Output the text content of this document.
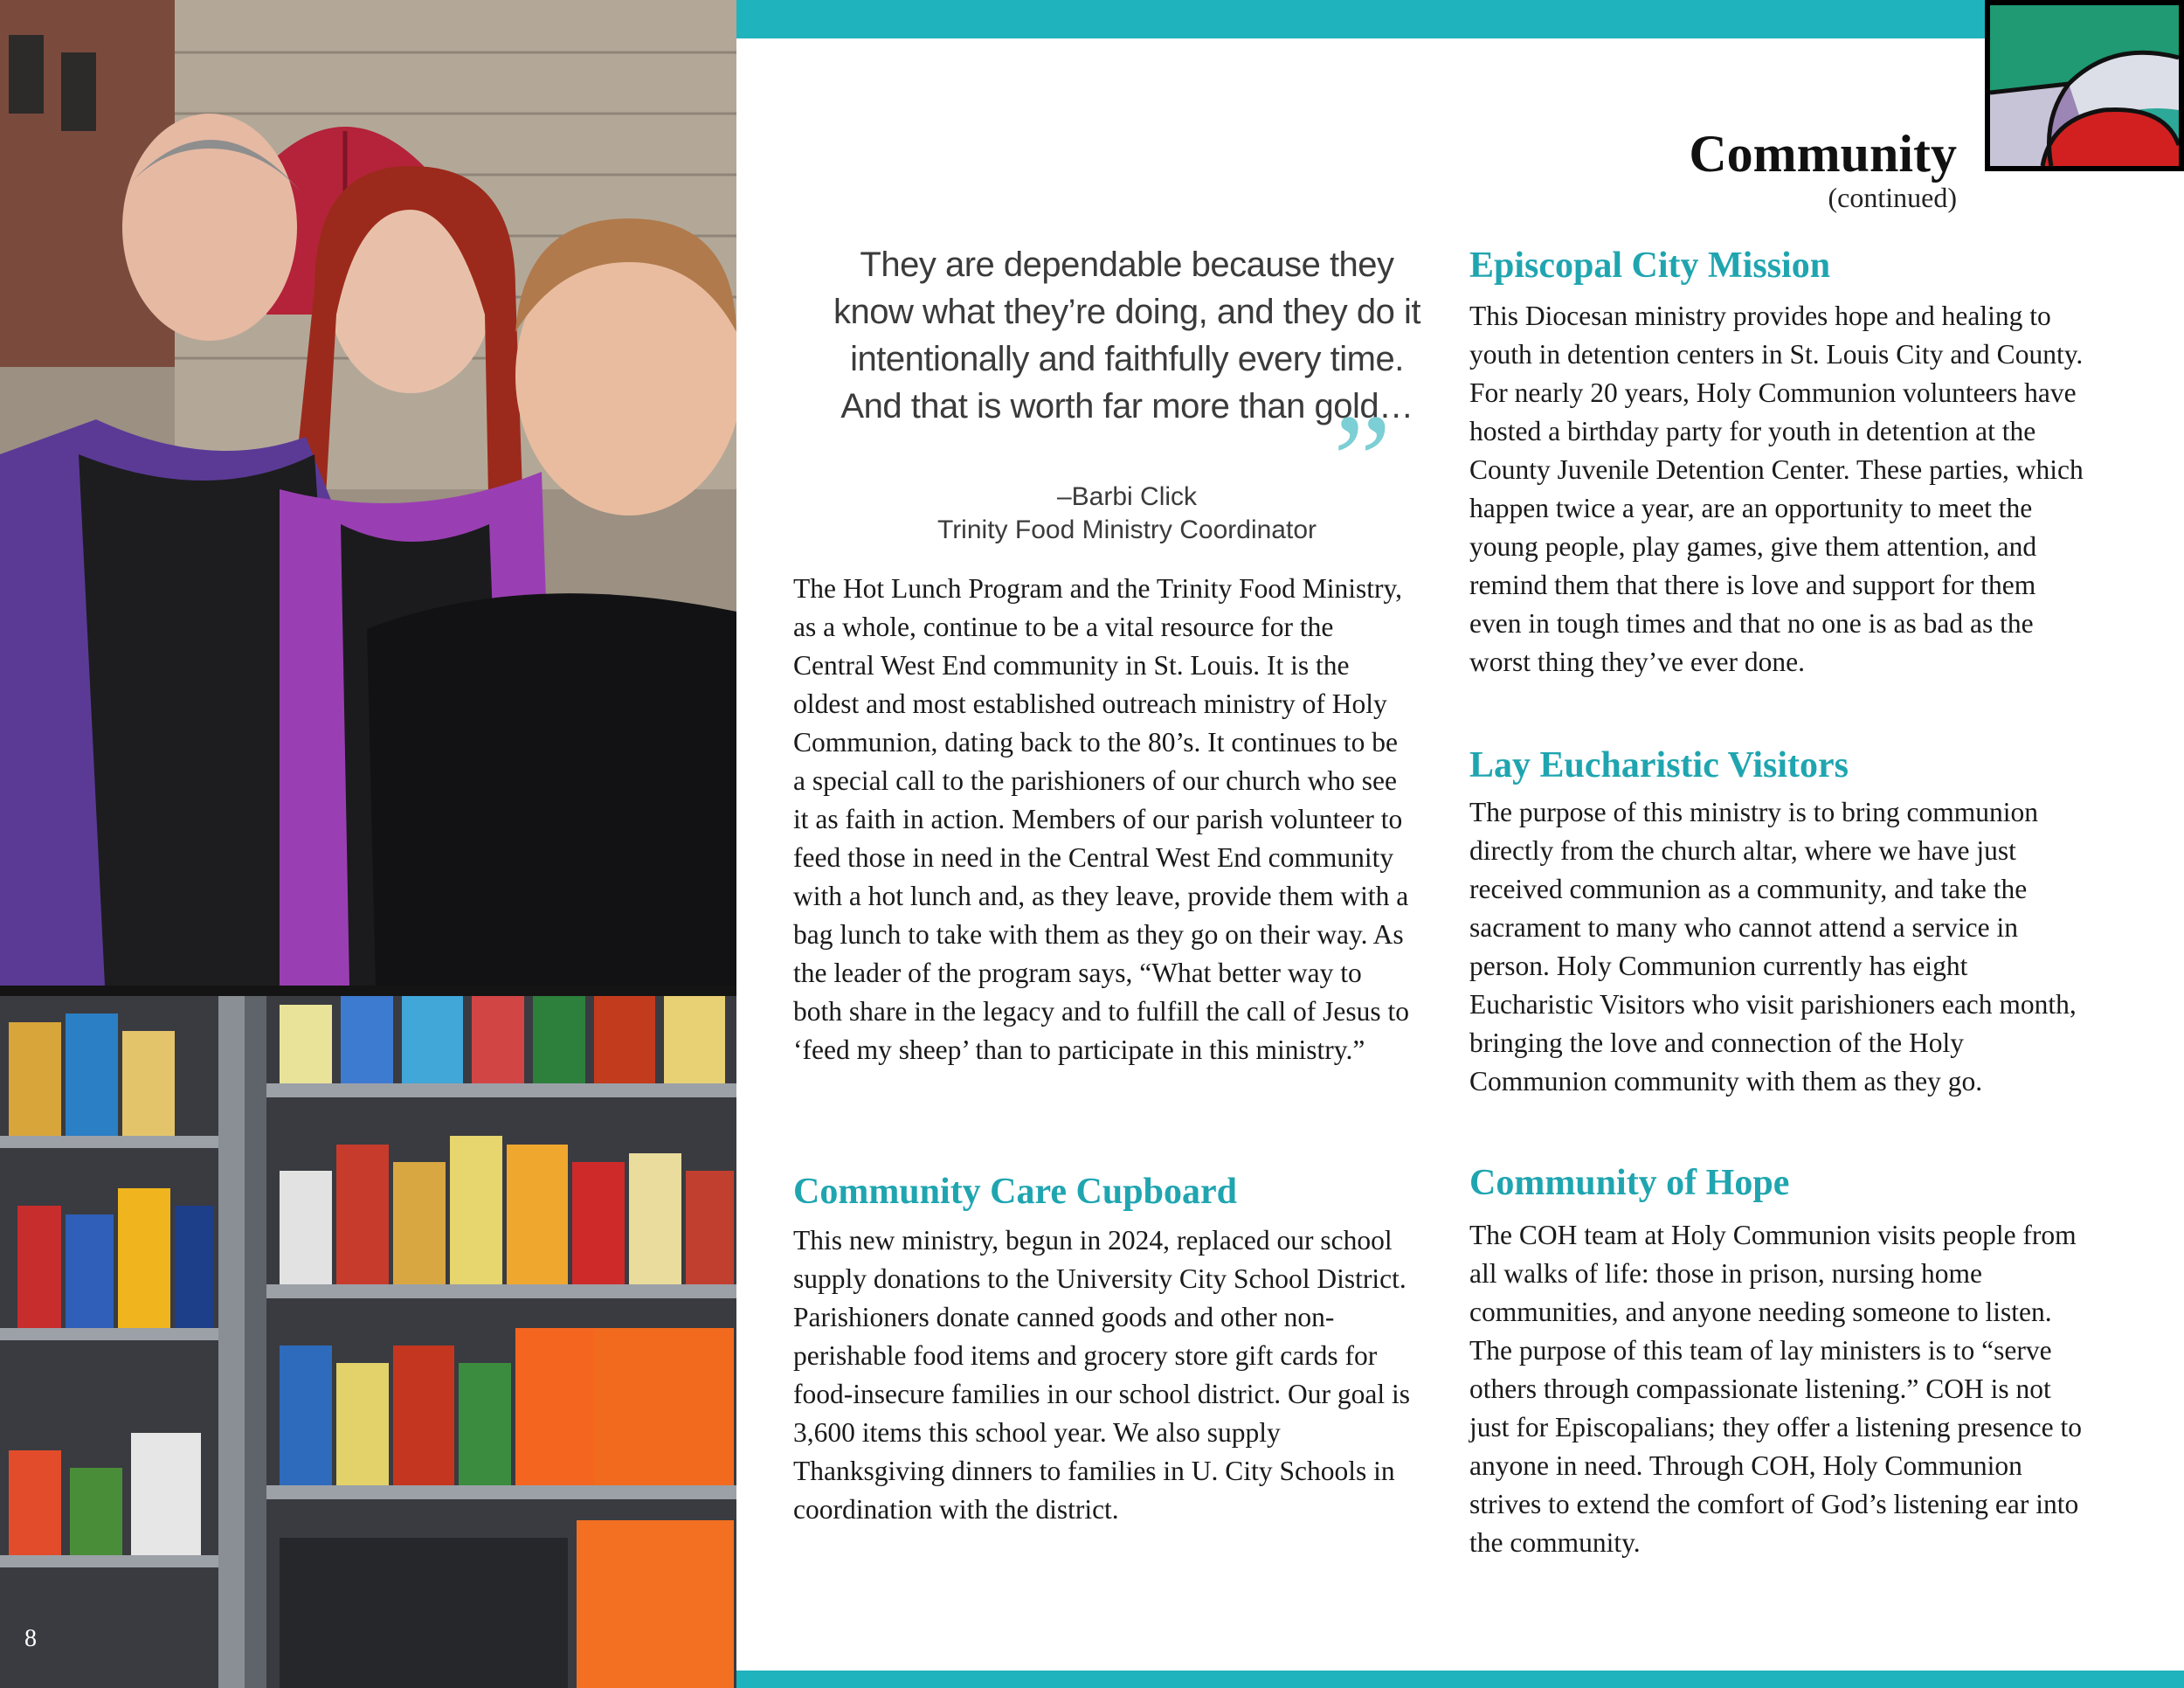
8
Community
(continued)
They are dependable because they know what they’re doing, and they do it intentionally and faithfully every time. And that is worth far more than gold…
”
–Barbi Click
Trinity Food Ministry Coordinator

The Hot Lunch Program and the Trinity Food Ministry, as a whole, continue to be a vital resource for the Central West End community in St. Louis. It is the oldest and most established outreach ministry of Holy Communion, dating back to the 80’s. It continues to be a special call to the parishioners of our church who see it as faith in action. Members of our parish volunteer to feed those in need in the Central West End community with a hot lunch and, as they leave, provide them with a bag lunch to take with them as they go on their way. As the leader of the program says, “What better way to both share in the legacy and to fulfill the call of Jesus to ‘feed my sheep’ than to participate in this ministry.”

Community Care Cupboard

This new ministry, begun in 2024, replaced our school supply donations to the University City School District. Parishioners donate canned goods and other non-perishable food items and grocery store gift cards for food-insecure families in our school district. Our goal is 3,600 items this school year. We also supply Thanksgiving dinners to families in U. City Schools in coordination with the district.

Episcopal City Mission

This Diocesan ministry provides hope and healing to youth in detention centers in St. Louis City and County. For nearly 20 years, Holy Communion volunteers have hosted a birthday party for youth in detention at the County Juvenile Detention Center. These parties, which happen twice a year, are an opportunity to meet the young people, play games, give them attention, and remind them that there is love and support for them even in tough times and that no one is as bad as the worst thing they’ve ever done.

Lay Eucharistic Visitors

The purpose of this ministry is to bring communion directly from the church altar, where we have just received communion as a community, and take the sacrament to many who cannot attend a service in person. Holy Communion currently has eight Eucharistic Visitors who visit parishioners each month, bringing the love and connection of the Holy Communion community with them as they go.

Community of Hope

The COH team at Holy Communion visits people from all walks of life: those in prison, nursing home communities, and anyone needing someone to listen. The purpose of this team of lay ministers is to “serve others through compassionate listening.” COH is not just for Episcopalians; they offer a listening presence to anyone in need. Through COH, Holy Communion strives to extend the comfort of God’s listening ear into the community.
